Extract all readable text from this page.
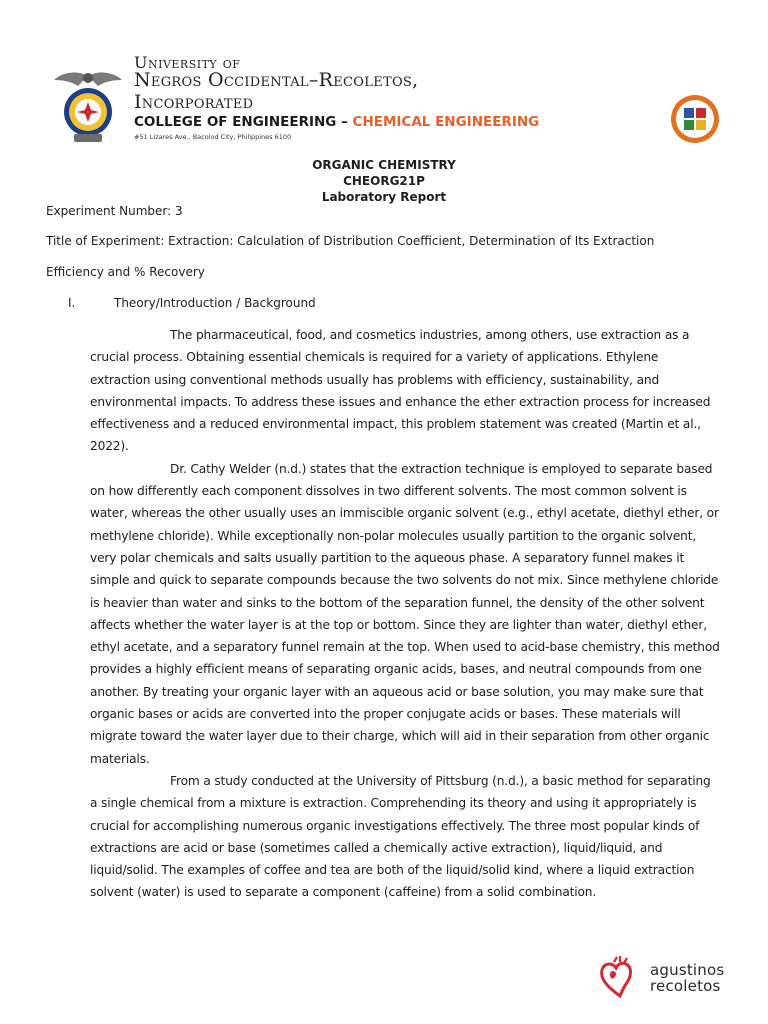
University of
Negros Occidental–Recoletos,
Incorporated
COLLEGE OF ENGINEERING – CHEMICAL ENGINEERING
#51 Lizares Ave., Bacolod City, Philippines 6100
ORGANIC CHEMISTRY
CHEORG21P
Laboratory Report
Experiment Number: 3
Title of Experiment: Extraction: Calculation of Distribution Coefficient, Determination of Its Extraction
Efficiency and % Recovery
I.	Theory/Introduction / Background

The pharmaceutical, food, and cosmetics industries, among others, use extraction as a crucial process. Obtaining essential chemicals is required for a variety of applications. Ethylene extraction using conventional methods usually has problems with efficiency, sustainability, and environmental impacts. To address these issues and enhance the ether extraction process for increased effectiveness and a reduced environmental impact, this problem statement was created (Martin et al., 2022).

Dr. Cathy Welder (n.d.) states that the extraction technique is employed to separate based on how differently each component dissolves in two different solvents. The most common solvent is water, whereas the other usually uses an immiscible organic solvent (e.g., ethyl acetate, diethyl ether, or methylene chloride). While exceptionally non-polar molecules usually partition to the organic solvent, very polar chemicals and salts usually partition to the aqueous phase. A separatory funnel makes it simple and quick to separate compounds because the two solvents do not mix. Since methylene chloride is heavier than water and sinks to the bottom of the separation funnel, the density of the other solvent affects whether the water layer is at the top or bottom. Since they are lighter than water, diethyl ether, ethyl acetate, and a separatory funnel remain at the top. When used to acid-base chemistry, this method provides a highly efficient means of separating organic acids, bases, and neutral compounds from one another. By treating your organic layer with an aqueous acid or base solution, you may make sure that organic bases or acids are converted into the proper conjugate acids or bases. These materials will migrate toward the water layer due to their charge, which will aid in their separation from other organic materials.

From a study conducted at the University of Pittsburg (n.d.), a basic method for separating a single chemical from a mixture is extraction. Comprehending its theory and using it appropriately is crucial for accomplishing numerous organic investigations effectively. The three most popular kinds of extractions are acid or base (sometimes called a chemically active extraction), liquid/liquid, and liquid/solid. The examples of coffee and tea are both of the liquid/solid kind, where a liquid extraction solvent (water) is used to separate a component (caffeine) from a solid combination.

agustinos
recoletos
